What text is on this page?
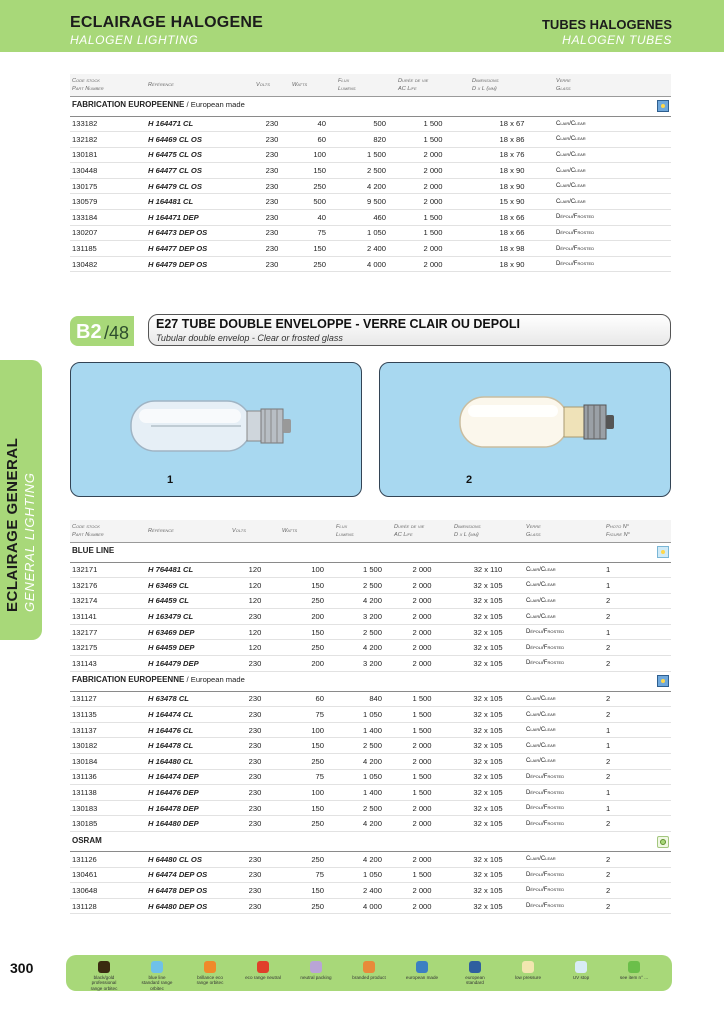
ECLAIRAGE HALOGENE
HALOGEN LIGHTING
TUBES HALOGENES
HALOGEN TUBES
ECLAIRAGE GENERAL GENERAL LIGHTING
Code stock
Part Number	Référence	Volts	Watts	Flux
Lumens	Durée de vie
AC Life	Dimensions
D x L (mm)	Verre
Glass
FABRICATION EUROPEENNE / European made							

133182	H 164471 CL	230	40	500	1 500	18 x 67	Clair/Clear
132182	H 64469 CL OS	230	60	820	1 500	18 x 86	Clair/Clear
130181	H 64475 CL OS	230	100	1 500	2 000	18 x 76	Clair/Clear
130448	H 64477 CL OS	230	150	2 500	2 000	18 x 90	Clair/Clear
130175	H 64479 CL OS	230	250	4 200	2 000	18 x 90	Clair/Clear
130579	H 164481 CL	230	500	9 500	2 000	15 x 90	Clair/Clear
133184	H 164471 DEP	230	40	460	1 500	18 x 66	Dépoli/Frosted
130207	H 64473 DEP OS	230	75	1 050	1 500	18 x 66	Dépoli/Frosted
131185	H 64477 DEP OS	230	150	2 400	2 000	18 x 98	Dépoli/Frosted
130482	H 64479 DEP OS	230	250	4 000	2 000	18 x 90	Dépoli/Frosted
B2 /48 E27 TUBE DOUBLE ENVELOPPE - VERRE CLAIR OU DEPOLI
Tubular double envelop - Clear or frosted glass
1	2
Code stock
Part Number	Référence	Volts	Watts	Flux
Lumens	Durée de vie
AC Life	Dimensions
D x L (mm)	Verre
Glass	Photo N°
Figure N°
BLUE LINE								

132171	H 764481 CL	120	100	1 500	2 000	32 x 110	Clair/Clear	1
132176	H 63469 CL	120	150	2 500	2 000	32 x 105	Clair/Clear	1
132174	H 64459 CL	120	250	4 200	2 000	32 x 105	Clair/Clear	2
131141	H 163479 CL	230	200	3 200	2 000	32 x 105	Clair/Clear	2
132177	H 63469 DEP	120	150	2 500	2 000	32 x 105	Dépoli/Frosted	1
132175	H 64459 DEP	120	250	4 200	2 000	32 x 105	Dépoli/Frosted	2
131143	H 164479 DEP	230	200	3 200	2 000	32 x 105	Dépoli/Frosted	2
FABRICATION EUROPEENNE / European made								

131127	H 63478 CL	230	60	840	1 500	32 x 105	Clair/Clear	2
131135	H 164474 CL	230	75	1 050	1 500	32 x 105	Clair/Clear	2
131137	H 164476 CL	230	100	1 400	1 500	32 x 105	Clair/Clear	1
130182	H 164478 CL	230	150	2 500	2 000	32 x 105	Clair/Clear	1
130184	H 164480 CL	230	250	4 200	2 000	32 x 105	Clair/Clear	2
131136	H 164474 DEP	230	75	1 050	1 500	32 x 105	Dépoli/Frosted	2
131138	H 164476 DEP	230	100	1 400	1 500	32 x 105	Dépoli/Frosted	1
130183	H 164478 DEP	230	150	2 500	2 000	32 x 105	Dépoli/Frosted	1
130185	H 164480 DEP	230	250	4 200	2 000	32 x 105	Dépoli/Frosted	2
OSRAM								

131126	H 64480 CL OS	230	250	4 200	2 000	32 x 105	Clair/Clear	2
130461	H 64474 DEP OS	230	75	1 050	1 500	32 x 105	Dépoli/Frosted	2
130648	H 64478 DEP OS	230	150	2 400	2 000	32 x 105	Dépoli/Frosted	2
131128	H 64480 DEP OS	230	250	4 000	2 000	32 x 105	Dépoli/Frosted	2
300
black/gold professional range orbitec
blue line standard range orbitec
brillance eco range orbitec
eco range neutral	neutral packing	branded product	european made	european standard
low pressure	UV stop	see item n° ...
